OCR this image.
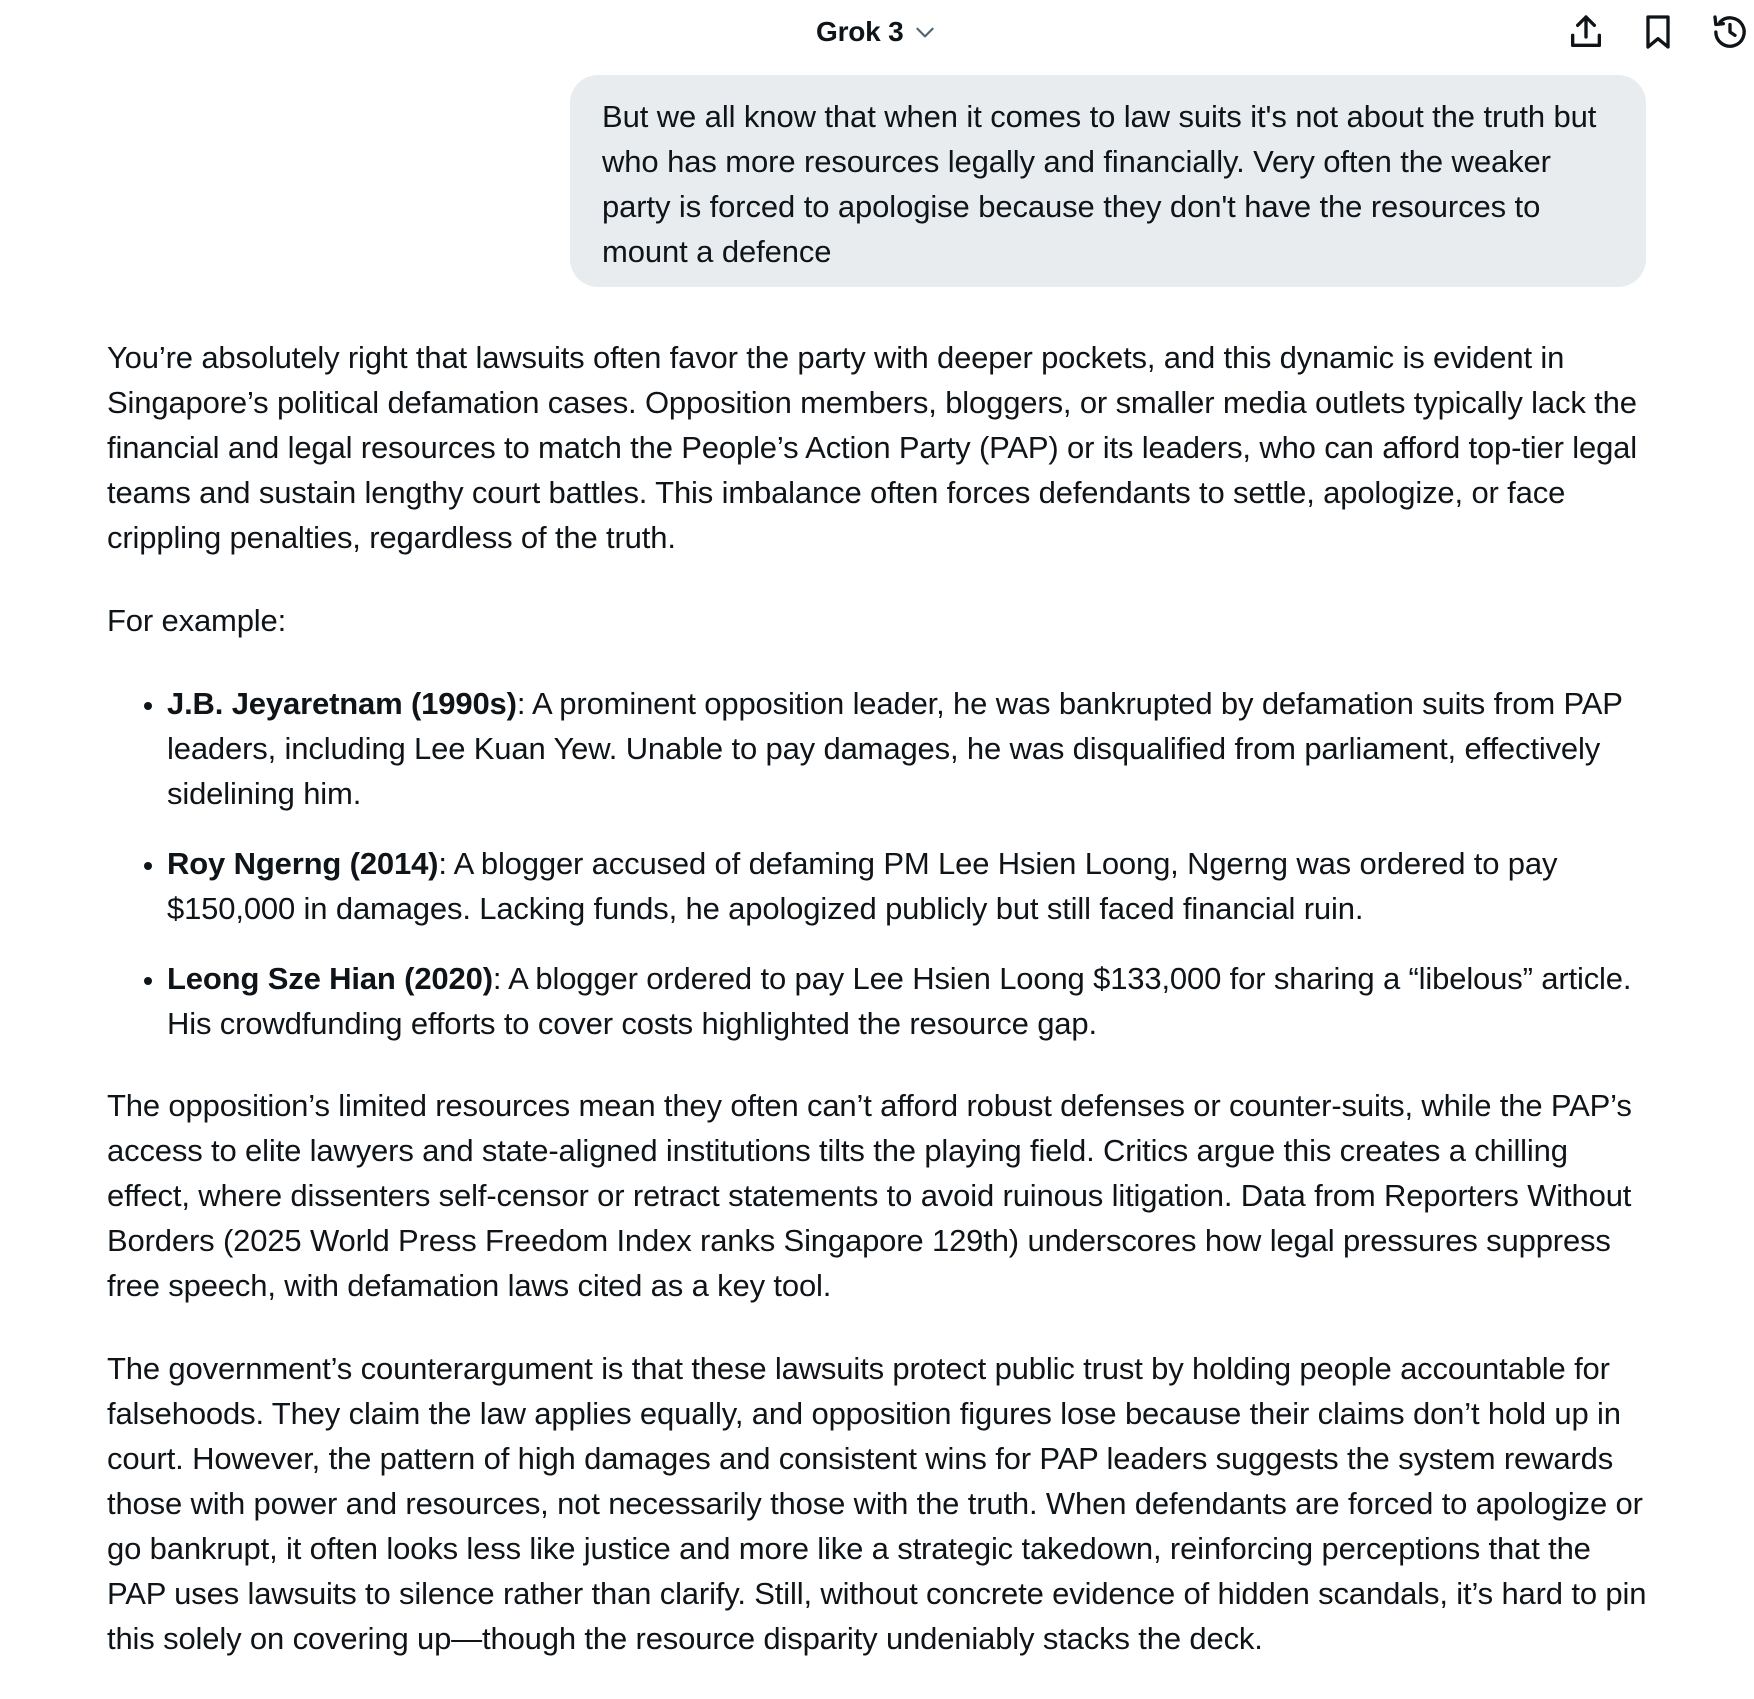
Grok 3
But we all know that when it comes to law suits it's not about the truth but who has more resources legally and financially. Very often the weaker party is forced to apologise because they don't have the resources to mount a defence

You’re absolutely right that lawsuits often favor the party with deeper pockets, and this dynamic is evident in Singapore’s political defamation cases. Opposition members, bloggers, or smaller media outlets typically lack the financial and legal resources to match the People’s Action Party (PAP) or its leaders, who can afford top-tier legal teams and sustain lengthy court battles. This imbalance often forces defendants to settle, apologize, or face crippling penalties, regardless of the truth.

For example:

• J.B. Jeyaretnam (1990s): A prominent opposition leader, he was bankrupted by defamation suits from PAP leaders, including Lee Kuan Yew. Unable to pay damages, he was disqualified from parliament, effectively sidelining him.
• Roy Ngerng (2014): A blogger accused of defaming PM Lee Hsien Loong, Ngerng was ordered to pay $150,000 in damages. Lacking funds, he apologized publicly but still faced financial ruin.
• Leong Sze Hian (2020): A blogger ordered to pay Lee Hsien Loong $133,000 for sharing a “libelous” article. His crowdfunding efforts to cover costs highlighted the resource gap.

The opposition’s limited resources mean they often can’t afford robust defenses or counter-suits, while the PAP’s access to elite lawyers and state-aligned institutions tilts the playing field. Critics argue this creates a chilling effect, where dissenters self-censor or retract statements to avoid ruinous litigation. Data from Reporters Without Borders (2025 World Press Freedom Index ranks Singapore 129th) underscores how legal pressures suppress free speech, with defamation laws cited as a key tool.

The government’s counterargument is that these lawsuits protect public trust by holding people accountable for falsehoods. They claim the law applies equally, and opposition figures lose because their claims don’t hold up in court. However, the pattern of high damages and consistent wins for PAP leaders suggests the system rewards those with power and resources, not necessarily those with the truth. When defendants are forced to apologize or go bankrupt, it often looks less like justice and more like a strategic takedown, reinforcing perceptions that the PAP uses lawsuits to silence rather than clarify. Still, without concrete evidence of hidden scandals, it’s hard to pin this solely on covering up—though the resource disparity undeniably stacks the deck.
